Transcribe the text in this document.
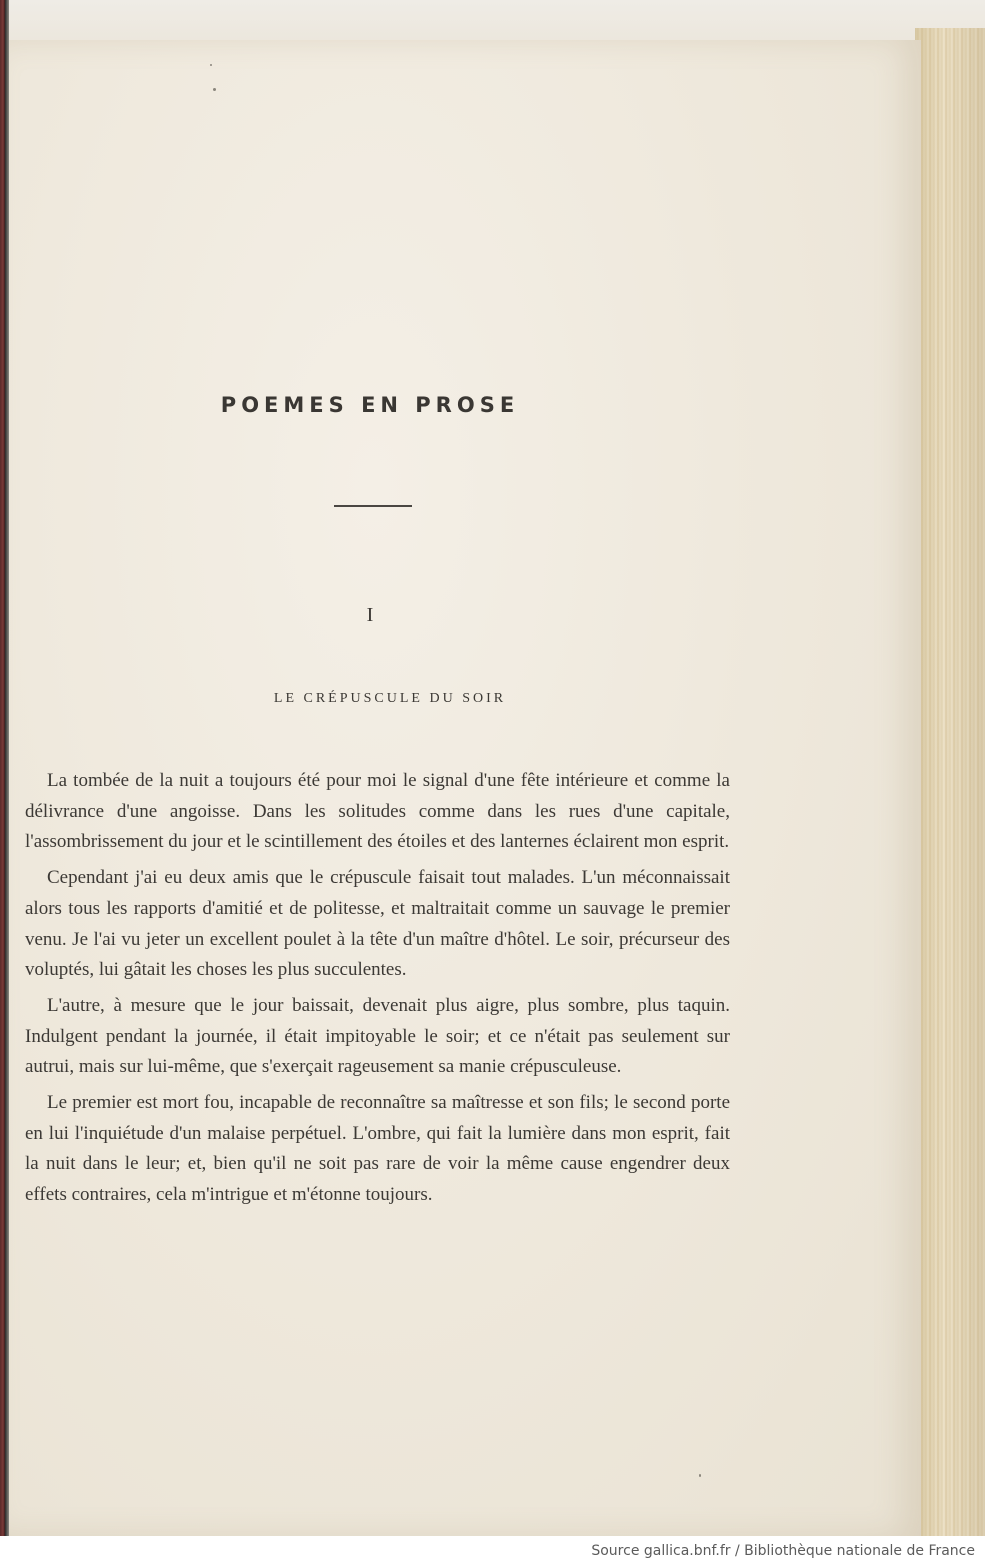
POEMES EN PROSE
I
LE CRÉPUSCULE DU SOIR

La tombée de la nuit a toujours été pour moi le signal d'une fête intérieure et comme la délivrance d'une angoisse. Dans les solitudes comme dans les rues d'une capitale, l'assombrissement du jour et le scintillement des étoiles et des lanternes éclairent mon esprit.

Cependant j'ai eu deux amis que le crépuscule faisait tout malades. L'un méconnaissait alors tous les rapports d'amitié et de politesse, et maltraitait comme un sauvage le premier venu. Je l'ai vu jeter un excellent poulet à la tête d'un maître d'hôtel. Le soir, précurseur des voluptés, lui gâtait les choses les plus succulentes.

L'autre, à mesure que le jour baissait, devenait plus aigre, plus sombre, plus taquin. Indulgent pendant la journée, il était impitoyable le soir; et ce n'était pas seulement sur autrui, mais sur lui-même, que s'exerçait rageusement sa manie crépusculeuse.

Le premier est mort fou, incapable de reconnaître sa maîtresse et son fils; le second porte en lui l'inquiétude d'un malaise perpétuel. L'ombre, qui fait la lumière dans mon esprit, fait la nuit dans le leur; et, bien qu'il ne soit pas rare de voir la même cause engendrer deux effets contraires, cela m'intrigue et m'étonne toujours.

Source gallica.bnf.fr / Bibliothèque nationale de France
